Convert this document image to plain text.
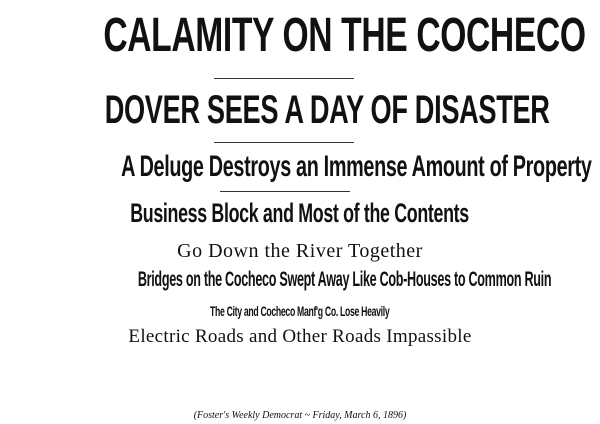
CALAMITY ON THE COCHECO

DOVER SEES A DAY OF DISASTER

A Deluge Destroys an Immense Amount of Property

Business Block and Most of the Contents

Go Down the River Together

Bridges on the Cocheco Swept Away Like Cob-Houses to Common Ruin

The City and Cocheco Manf'g Co. Lose Heavily

Electric Roads and Other Roads Impassible

(Foster's Weekly Democrat ~ Friday, March 6, 1896)
